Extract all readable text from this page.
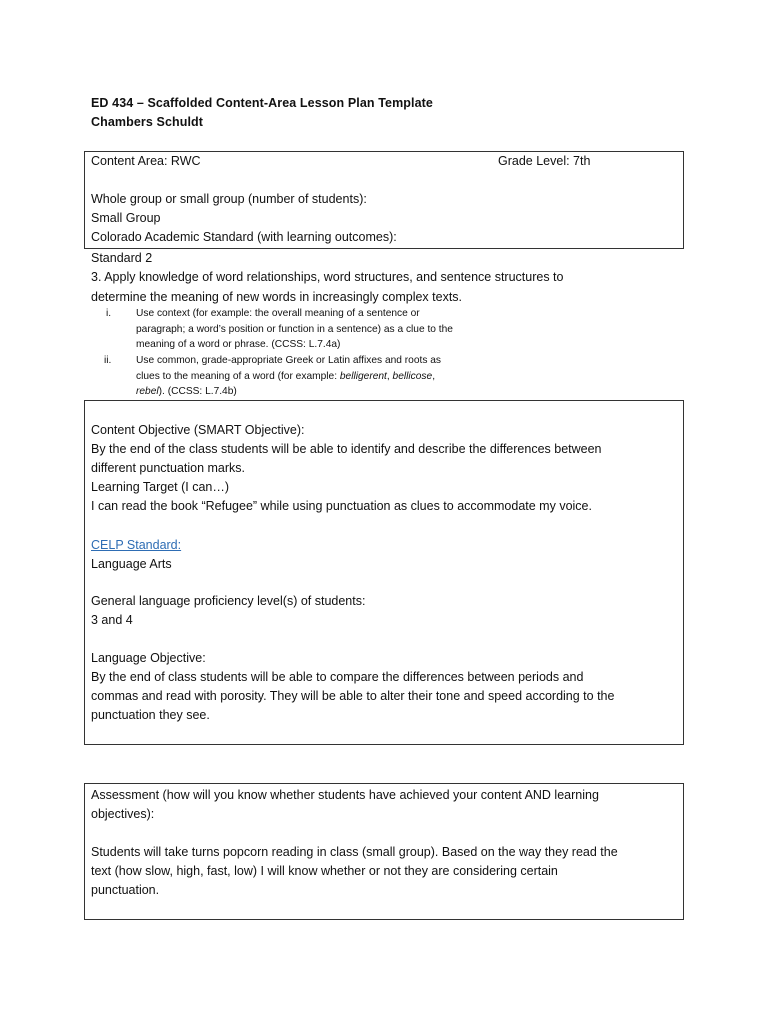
ED 434 – Scaffolded Content-Area Lesson Plan Template
Chambers Schuldt
Content Area: RWC	Grade Level: 7th
Whole group or small group (number of students):
Small Group
Colorado Academic Standard (with learning outcomes):
Standard 2
3. Apply knowledge of word relationships, word structures, and sentence structures to
determine the meaning of new words in increasingly complex texts.
i. Use context (for example: the overall meaning of a sentence or
paragraph; a word’s position or function in a sentence) as a clue to the
meaning of a word or phrase. (CCSS: L.7.4a)
ii. Use common, grade-appropriate Greek or Latin affixes and roots as
clues to the meaning of a word (for example: belligerent, bellicose,
rebel). (CCSS: L.7.4b)
Content Objective (SMART Objective):
By the end of the class students will be able to identify and describe the differences between
different punctuation marks.
Learning Target (I can…)
I can read the book “Refugee” while using punctuation as clues to accommodate my voice.
CELP Standard:
Language Arts
General language proficiency level(s) of students:
3 and 4
Language Objective:
By the end of class students will be able to compare the differences between periods and
commas and read with porosity. They will be able to alter their tone and speed according to the
punctuation they see.
Assessment (how will you know whether students have achieved your content AND learning
objectives):
Students will take turns popcorn reading in class (small group). Based on the way they read the
text (how slow, high, fast, low) I will know whether or not they are considering certain
punctuation.
